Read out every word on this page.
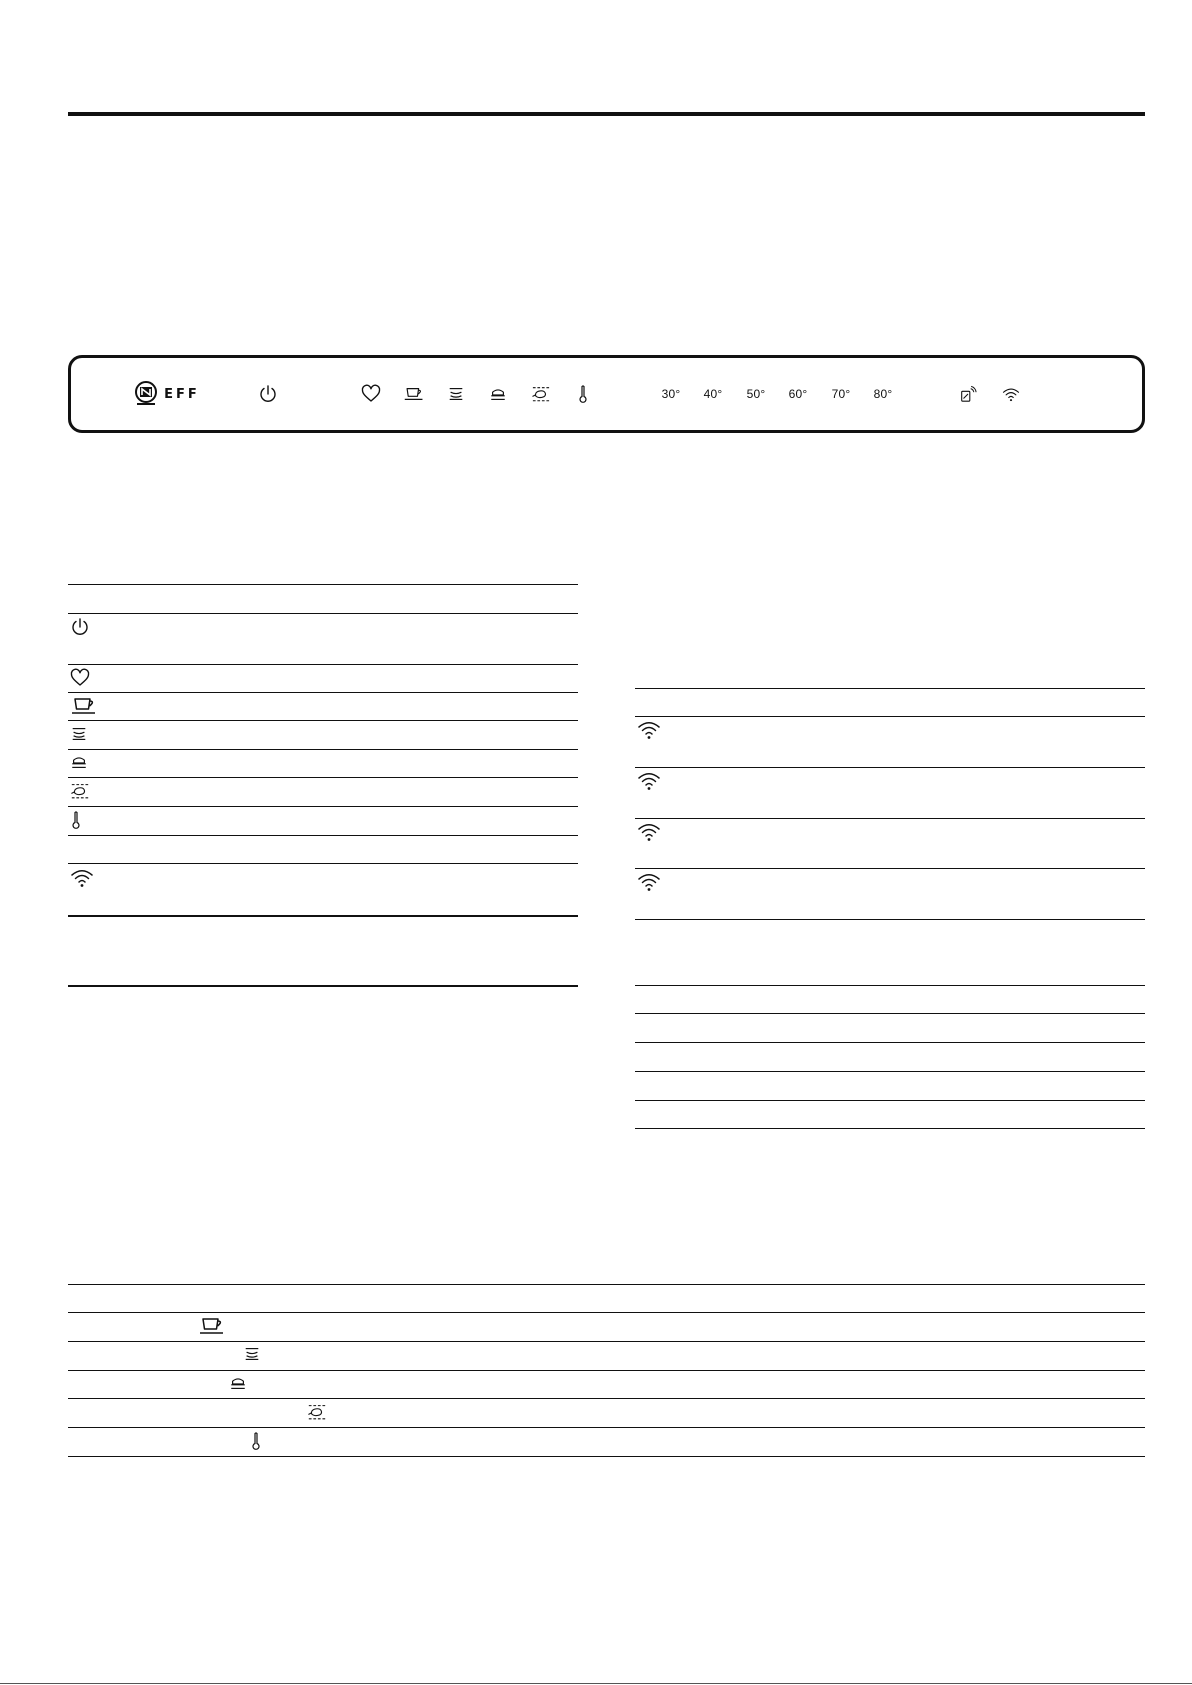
EFF	30° 40° 50° 60° 70° 80°
